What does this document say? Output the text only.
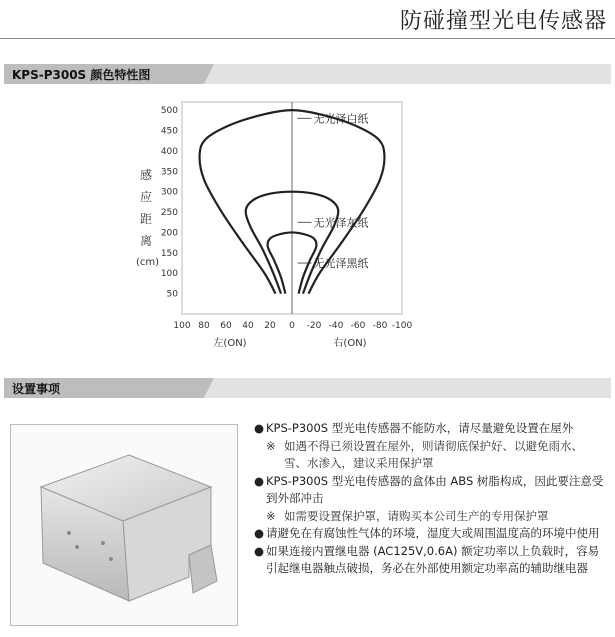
防碰撞型光电传感器
KPS-P300S 颜色特性图
感
应
距
离
(cm)
50
100
150
200
250
300
350
400
450
500
100 80 60 40 20 0 -20 -40 -60 -80 -100
左(ON)	右(ON)
无光泽白纸
无光泽灰纸
无光泽黑纸
设置事项

● KPS-P300S 型光电传感器不能防水，请尽量避免设置在屋外

※ 如遇不得已须设置在屋外，则请彻底保护好、以避免雨水、雪、水渗入，建议采用保护罩

● KPS-P300S 型光电传感器的盒体由 ABS 树脂构成，因此要注意受到外部冲击

※ 如需要设置保护罩，请购买本公司生产的专用保护罩

● 请避免在有腐蚀性气体的环境，湿度大或周围温度高的环境中使用

● 如果连接内置继电器 (AC125V,0.6A) 额定功率以上负载时，容易引起继电器触点破损，务必在外部使用额定功率高的辅助继电器
